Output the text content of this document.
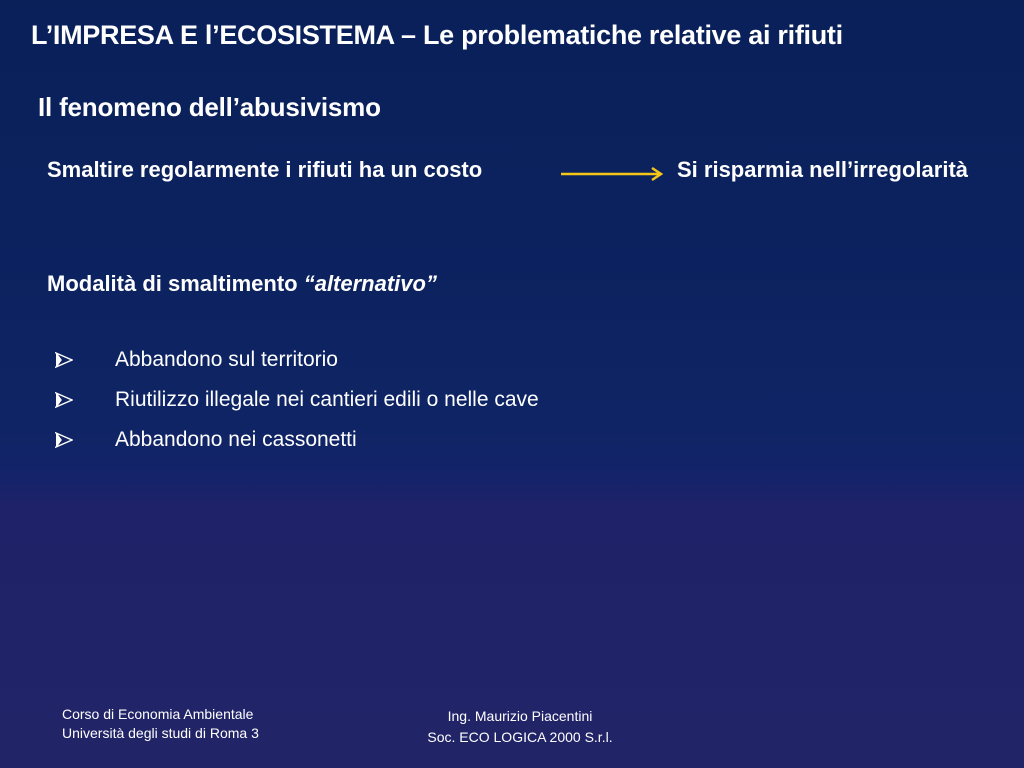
L’IMPRESA E l’ECOSISTEMA – Le problematiche relative ai rifiuti
Il fenomeno dell’abusivismo
Smaltire regolarmente i rifiuti ha un costo	Si risparmia nell’irregolarità
Modalità di smaltimento “alternativo”
Abbandono sul territorio
Riutilizzo illegale nei cantieri edili o nelle cave
Abbandono nei cassonetti
Corso di Economia Ambientale
Università degli studi di Roma 3
Ing. Maurizio Piacentini
Soc. ECO LOGICA 2000 S.r.l.
